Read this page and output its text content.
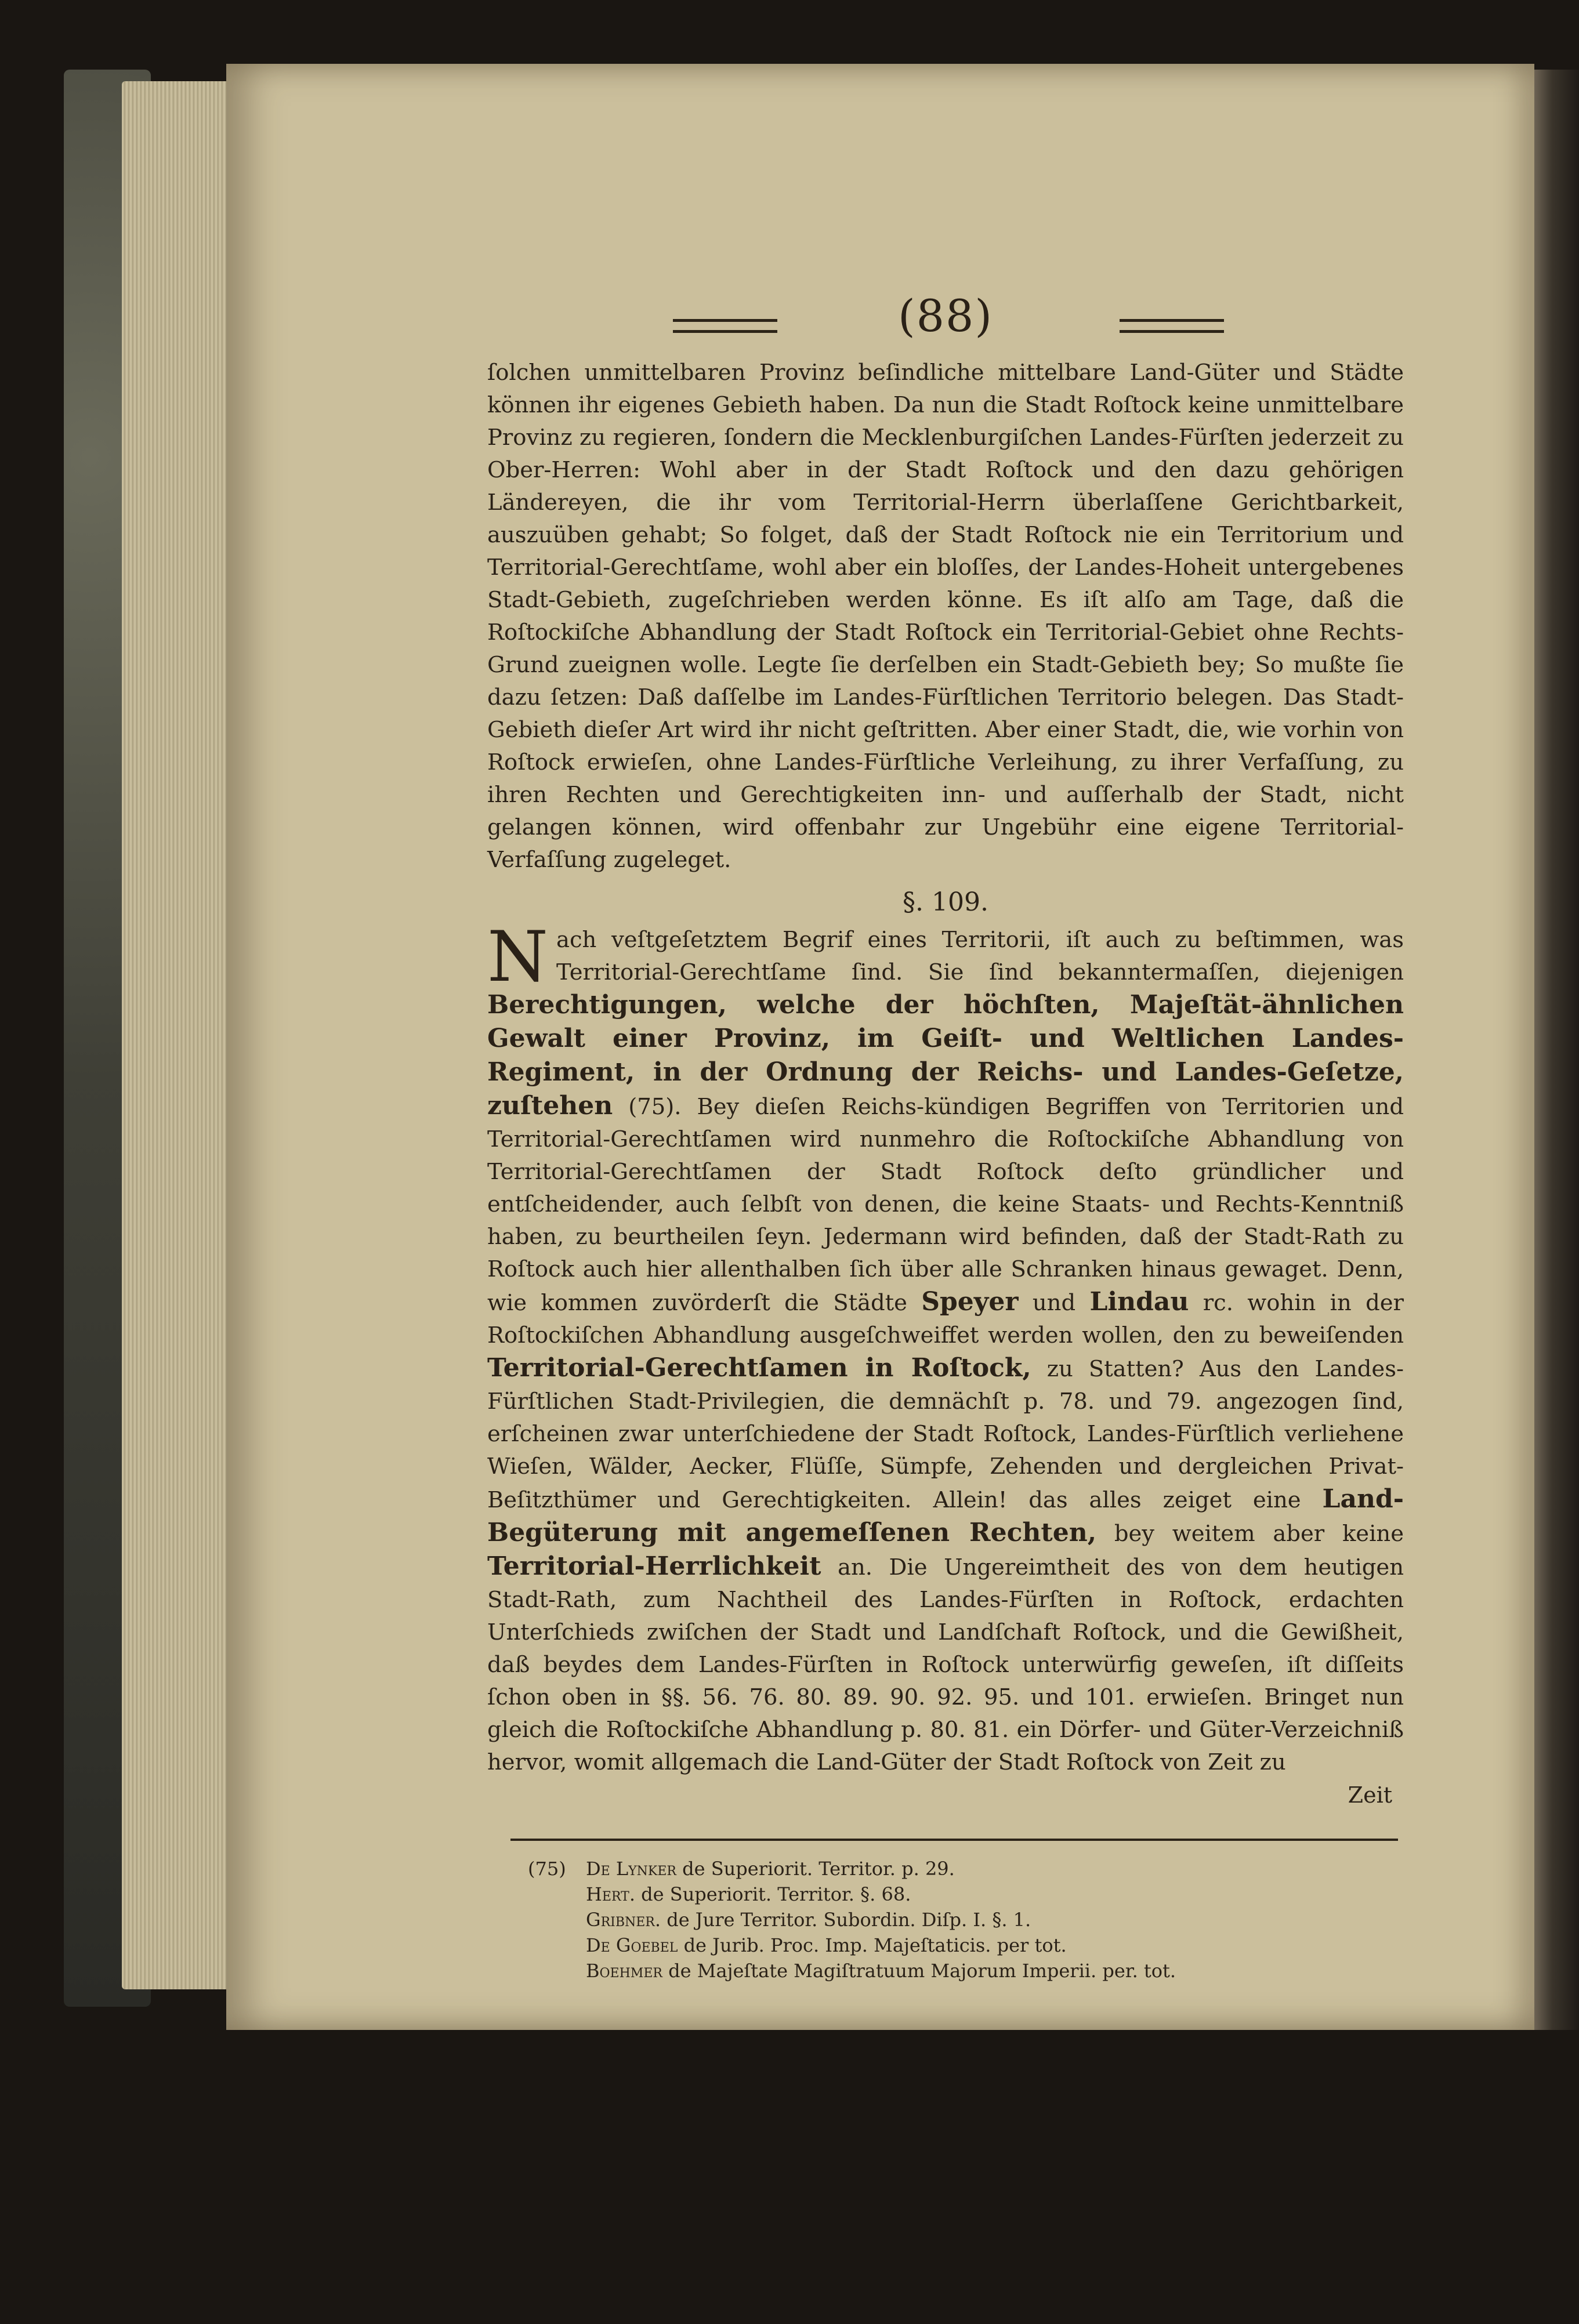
(88)

ſolchen unmittelbaren Provinz beſindliche mittelbare Land-Güter und Städte können ihr eigenes Gebieth haben. Da nun die Stadt Roſtock keine unmittelbare Provinz zu regieren, ſondern die Mecklenburgiſchen Landes-Fürſten jederzeit zu Ober-Herren: Wohl aber in der Stadt Roſtock und den dazu gehörigen Ländereyen, die ihr vom Territorial-Herrn überlaſſene Gerichtbarkeit, auszuüben gehabt; So folget, daß der Stadt Roſtock nie ein Territorium und Territorial-Gerechtſame, wohl aber ein bloſſes, der Landes-Hoheit untergebenes Stadt-Gebieth, zugeſchrieben werden könne. Es iſt alſo am Tage, daß die Roſtockiſche Abhandlung der Stadt Roſtock ein Territorial-Gebiet ohne Rechts-Grund zueignen wolle. Legte ſie derſelben ein Stadt-Gebieth bey; So mußte ſie dazu ſetzen: Daß daſſelbe im Landes-Fürſtlichen Territorio belegen. Das Stadt-Gebieth dieſer Art wird ihr nicht geſtritten. Aber einer Stadt, die, wie vorhin von Roſtock erwieſen, ohne Landes-Fürſtliche Verleihung, zu ihrer Verfaſſung, zu ihren Rechten und Gerechtigkeiten inn- und auſſerhalb der Stadt, nicht gelangen können, wird offenbahr zur Ungebühr eine eigene Territorial-Verfaſſung zugeleget.

§. 109.

N ach veſtgeſetztem Begrif eines Territorii, iſt auch zu beſtimmen, was Territorial-Gerechtſame ſind. Sie ſind bekanntermaſſen, diejenigen Berechtigungen, welche der höchſten, Majeſtät-ähnlichen Gewalt einer Provinz, im Geiſt- und Weltlichen Landes-Regiment, in der Ordnung der Reichs- und Landes-Geſetze, zuſtehen (75). Bey dieſen Reichs-kündigen Begriffen von Territorien und Territorial-Gerechtſamen wird nunmehro die Roſtockiſche Abhandlung von Territorial-Gerechtſamen der Stadt Roſtock deſto gründlicher und entſcheidender, auch ſelbſt von denen, die keine Staats- und Rechts-Kenntniß haben, zu beurtheilen ſeyn. Jedermann wird befinden, daß der Stadt-Rath zu Roſtock auch hier allenthalben ſich über alle Schranken hinaus gewaget. Denn, wie kommen zuvörderſt die Städte Speyer und Lindau rc. wohin in der Roſtockiſchen Abhandlung ausgeſchweiffet werden wollen, den zu beweiſenden Territorial-Gerechtſamen in Roſtock, zu Statten? Aus den Landes-Fürſtlichen Stadt-Privilegien, die demnächſt p. 78. und 79. angezogen ſind, erſcheinen zwar unterſchiedene der Stadt Roſtock, Landes-Fürſtlich verliehene Wieſen, Wälder, Aecker, Flüſſe, Sümpfe, Zehenden und dergleichen Privat-Beſitzthümer und Gerechtigkeiten. Allein! das alles zeiget eine Land-Begüterung mit angemeſſenen Rechten, bey weitem aber keine Territorial-Herrlichkeit an. Die Ungereimtheit des von dem heutigen Stadt-Rath, zum Nachtheil des Landes-Fürſten in Roſtock, erdachten Unterſchieds zwiſchen der Stadt und Landſchaft Roſtock, und die Gewißheit, daß beydes dem Landes-Fürſten in Roſtock unterwürfig geweſen, iſt diſſeits ſchon oben in §§. 56. 76. 80. 89. 90. 92. 95. und 101. erwieſen. Bringet nun gleich die Roſtockiſche Abhandlung p. 80. 81. ein Dörfer- und Güter-Verzeichniß hervor, womit allgemach die Land-Güter der Stadt Roſtock von Zeit zu

Zeit

(75) De Lynker de Superiorit. Territor. p. 29.
Hert. de Superiorit. Territor. §. 68.
Gribner. de Jure Territor. Subordin. Diſp. I. §. 1.
De Goebel de Jurib. Proc. Imp. Majeſtaticis. per tot.
Boehmer de Majeſtate Magiſtratuum Majorum Imperii. per. tot.
